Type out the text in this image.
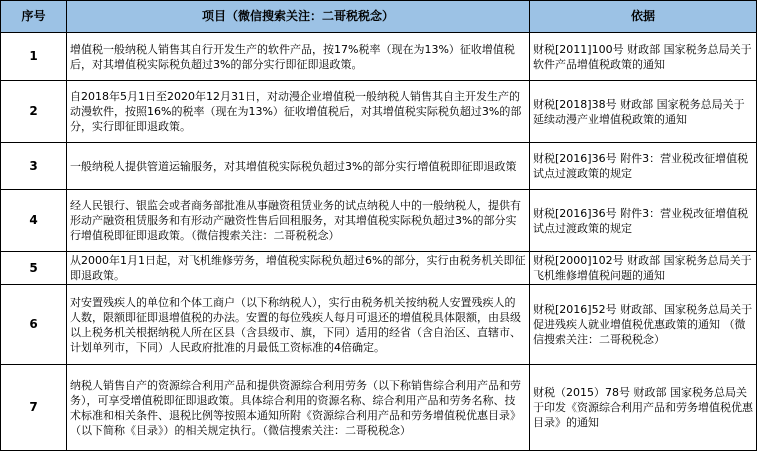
序号	项目（微信搜索关注：二哥税税念）	依据
1	增值税一般纳税人销售其自行开发生产的软件产品，按17%税率（现在为13%）征收增值税后，对其增值税实际税负超过3%的部分实行即征即退政策。	财税[2011]100号 财政部 国家税务总局关于软件产品增值税政策的通知
2	自2018年5月1日至2020年12月31日，对动漫企业增值税一般纳税人销售其自主开发生产的动漫软件，按照16%的税率（现在为13%）征收增值税后，对其增值税实际税负超过3%的部分，实行即征即退政策。	财税[2018]38号 财政部 国家税务总局关于延续动漫产业增值税政策的通知
3	一般纳税人提供管道运输服务，对其增值税实际税负超过3%的部分实行增值税即征即退政策	财税[2016]36号 附件3：营业税改征增值税试点过渡政策的规定
4	经人民银行、银监会或者商务部批准从事融资租赁业务的试点纳税人中的一般纳税人，提供有形动产融资租赁服务和有形动产融资性售后回租服务，对其增值税实际税负超过3%的部分实行增值税即征即退政策。（微信搜索关注：二哥税税念）	财税[2016]36号 附件3：营业税改征增值税试点过渡政策的规定
5	从2000年1月1日起，对飞机维修劳务，增值税实际税负超过6%的部分，实行由税务机关即征即退政策。	财税[2000]102号 财政部 国家税务总局关于飞机维修增值税问题的通知
6	对安置残疾人的单位和个体工商户（以下称纳税人），实行由税务机关按纳税人安置残疾人的人数，限额即征即退增值税的办法。安置的每位残疾人每月可退还的增值税具体限额，由县级以上税务机关根据纳税人所在区县（含县级市、旗，下同）适用的经省（含自治区、直辖市、计划单列市，下同）人民政府批准的月最低工资标准的4倍确定。	财税[2016]52号 财政部、国家税务总局关于促进残疾人就业增值税优惠政策的通知 （微信搜索关注：二哥税税念）
7	纳税人销售自产的资源综合利用产品和提供资源综合利用劳务（以下称销售综合利用产品和劳务），可享受增值税即征即退政策。具体综合利用的资源名称、综合利用产品和劳务名称、技术标准和相关条件、退税比例等按照本通知所附《资源综合利用产品和劳务增值税优惠目录》（以下简称《目录》）的相关规定执行。（微信搜索关注：二哥税税念）	财税（2015）78号 财政部 国家税务总局关于印发《资源综合利用产品和劳务增值税优惠目录》的通知
